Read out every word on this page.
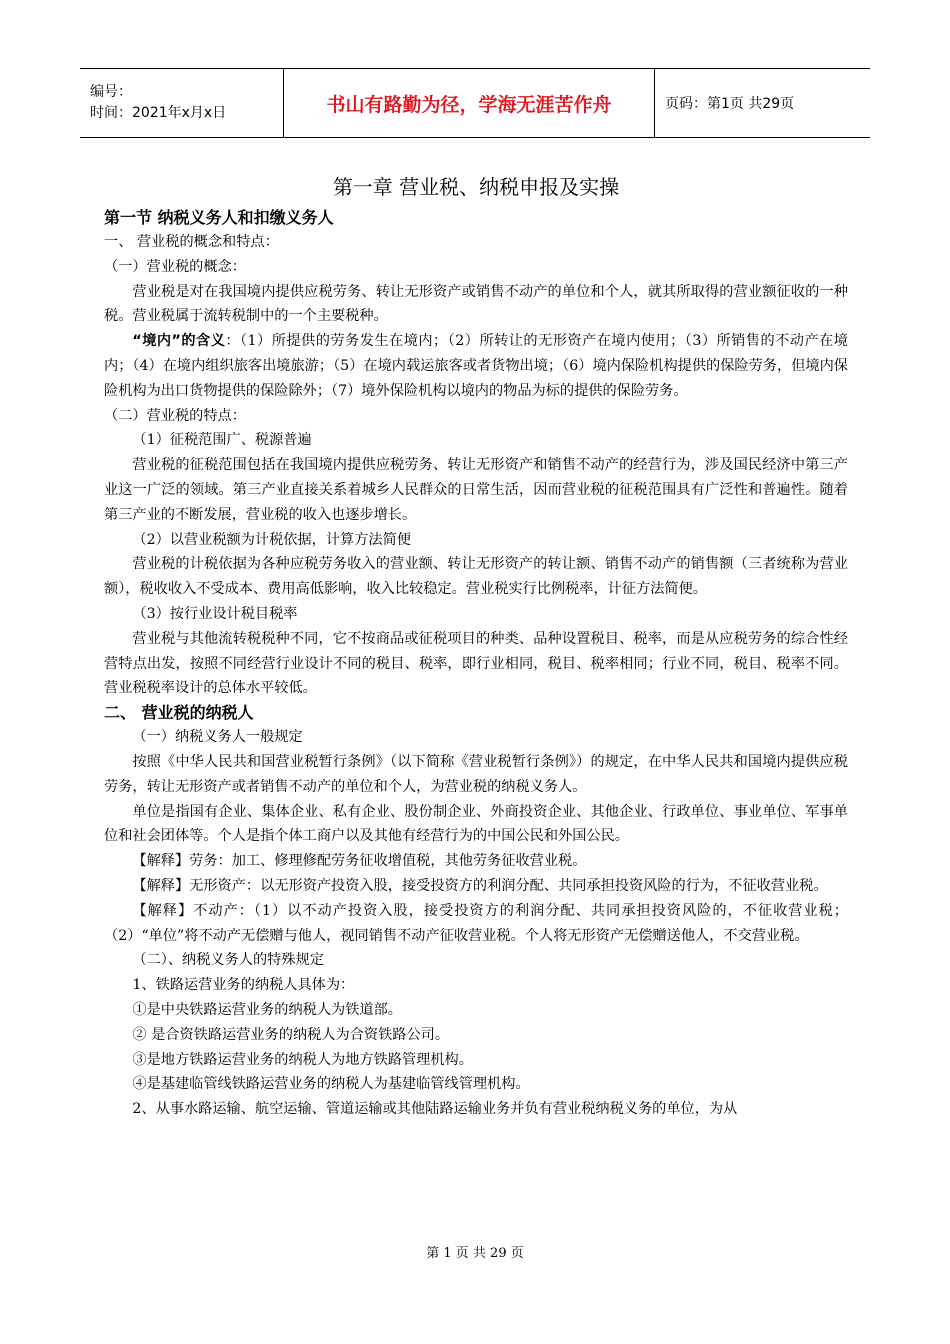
编号：
时间：2021年x月x日	书山有路勤为径，学海无涯苦作舟	页码：第1页 共29页
第一章 营业税、纳税申报及实操
第一节 纳税义务人和扣缴义务人

一、 营业税的概念和特点：

（一）营业税的概念：

营业税是对在我国境内提供应税劳务、转让无形资产或销售不动产的单位和个人，就其所取得的营业额征收的一种税。营业税属于流转税制中的一个主要税种。

“境内”的含义：（1）所提供的劳务发生在境内；（2）所转让的无形资产在境内使用；（3）所销售的不动产在境内；（4）在境内组织旅客出境旅游；（5）在境内载运旅客或者货物出境；（6）境内保险机构提供的保险劳务，但境内保险机构为出口货物提供的保险除外；（7）境外保险机构以境内的物品为标的提供的保险劳务。

（二）营业税的特点：

（1）征税范围广、税源普遍

营业税的征税范围包括在我国境内提供应税劳务、转让无形资产和销售不动产的经营行为，涉及国民经济中第三产业这一广泛的领域。第三产业直接关系着城乡人民群众的日常生活，因而营业税的征税范围具有广泛性和普遍性。随着第三产业的不断发展，营业税的收入也逐步增长。

（2）以营业税额为计税依据，计算方法简便

营业税的计税依据为各种应税劳务收入的营业额、转让无形资产的转让额、销售不动产的销售额（三者统称为营业额），税收收入不受成本、费用高低影响，收入比较稳定。营业税实行比例税率，计征方法简便。

（3）按行业设计税目税率

营业税与其他流转税税种不同，它不按商品或征税项目的种类、品种设置税目、税率，而是从应税劳务的综合性经营特点出发，按照不同经营行业设计不同的税目、税率，即行业相同，税目、税率相同；行业不同，税目、税率不同。营业税税率设计的总体水平较低。

二、 营业税的纳税人

（一）纳税义务人一般规定

按照《中华人民共和国营业税暂行条例》（以下简称《营业税暂行条例》）的规定，在中华人民共和国境内提供应税劳务，转让无形资产或者销售不动产的单位和个人，为营业税的纳税义务人。

单位是指国有企业、集体企业、私有企业、股份制企业、外商投资企业、其他企业、行政单位、事业单位、军事单位和社会团体等。个人是指个体工商户以及其他有经营行为的中国公民和外国公民。

【解释】劳务：加工、修理修配劳务征收增值税，其他劳务征收营业税。

【解释】无形资产：以无形资产投资入股，接受投资方的利润分配、共同承担投资风险的行为，不征收营业税。

【解释】不动产：（1）以不动产投资入股，接受投资方的利润分配、共同承担投资风险的，不征收营业税；（2）“单位”将不动产无偿赠与他人，视同销售不动产征收营业税。个人将无形资产无偿赠送他人，不交营业税。

（二）、纳税义务人的特殊规定

1、铁路运营业务的纳税人具体为：

①是中央铁路运营业务的纳税人为铁道部。

② 是合资铁路运营业务的纳税人为合资铁路公司。

③是地方铁路运营业务的纳税人为地方铁路管理机构。

④是基建临管线铁路运营业务的纳税人为基建临管线管理机构。

2、从事水路运输、航空运输、管道运输或其他陆路运输业务并负有营业税纳税义务的单位，为从

第 1 页 共 29 页
